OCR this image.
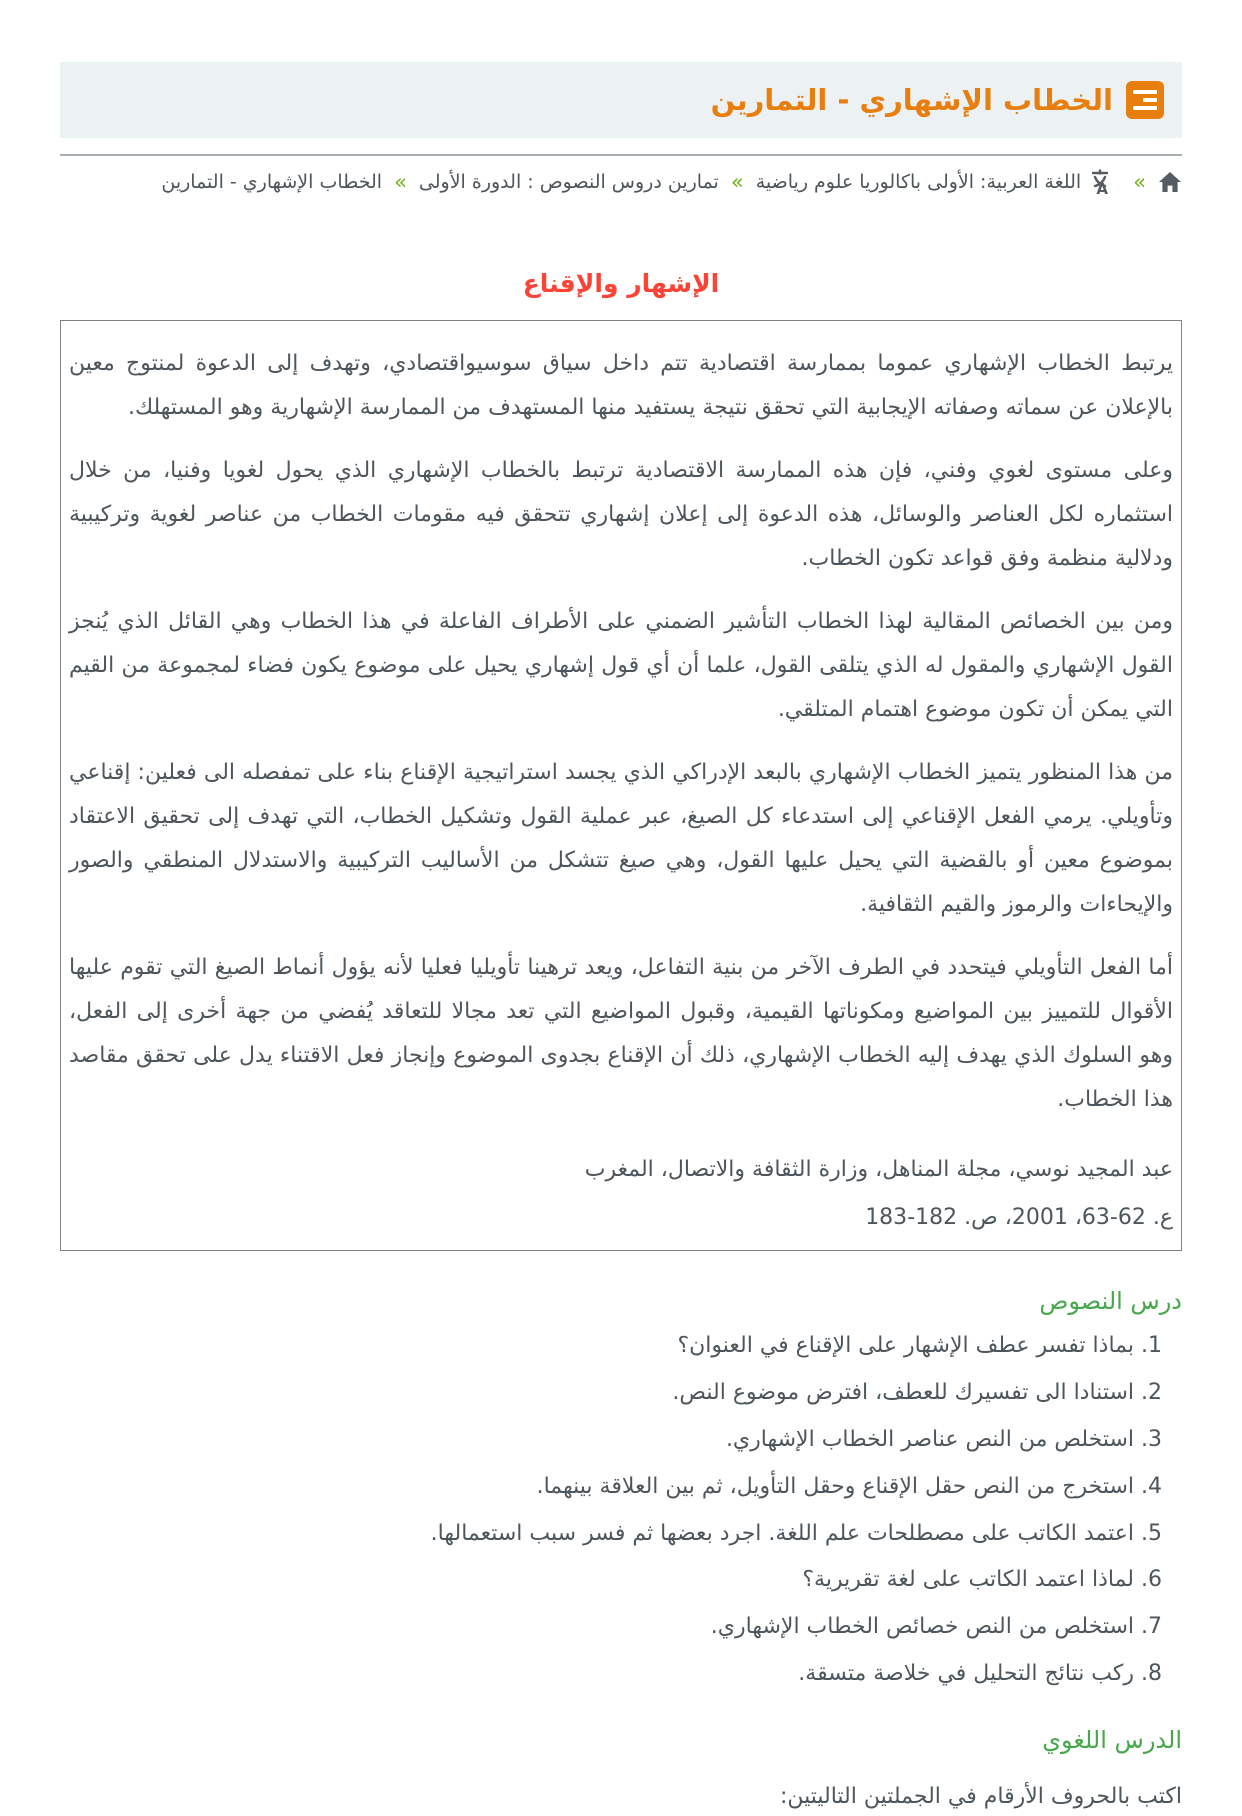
الخطاب الإشهاري - التمارين
»
A
اللغة العربية: الأولى باكالوريا علوم رياضية
»
تمارين دروس النصوص : الدورة الأولى
»
الخطاب الإشهاري - التمارين
الإشهار والإقناع

يرتبط الخطاب الإشهاري عموما بممارسة اقتصادية تتم داخل سياق سوسيواقتصادي، وتهدف إلى الدعوة لمنتوج معين بالإعلان عن سماته وصفاته الإيجابية التي تحقق نتيجة يستفيد منها المستهدف من الممارسة الإشهارية وهو المستهلك.

وعلى مستوى لغوي وفني، فإن هذه الممارسة الاقتصادية ترتبط بالخطاب الإشهاري الذي يحول لغويا وفنيا، من خلال استثماره لكل العناصر والوسائل، هذه الدعوة إلى إعلان إشهاري تتحقق فيه مقومات الخطاب من عناصر لغوية وتركيبية ودلالية منظمة وفق قواعد تكون الخطاب.

ومن بين الخصائص المقالية لهذا الخطاب التأشير الضمني على الأطراف الفاعلة في هذا الخطاب وهي القائل الذي يُنجز القول الإشهاري والمقول له الذي يتلقى القول، علما أن أي قول إشهاري يحيل على موضوع يكون فضاء لمجموعة من القيم التي يمكن أن تكون موضوع اهتمام المتلقي.

من هذا المنظور يتميز الخطاب الإشهاري بالبعد الإدراكي الذي يجسد استراتيجية الإقناع بناء على تمفصله الى فعلين: إقناعي وتأويلي. يرمي الفعل الإقناعي إلى استدعاء كل الصيغ، عبر عملية القول وتشكيل الخطاب، التي تهدف إلى تحقيق الاعتقاد بموضوع معين أو بالقضية التي يحيل عليها القول، وهي صيغ تتشكل من الأساليب التركيبية والاستدلال المنطقي والصور والإيحاءات والرموز والقيم الثقافية.

أما الفعل التأويلي فيتحدد في الطرف الآخر من بنية التفاعل، ويعد ترهينا تأويليا فعليا لأنه يؤول أنماط الصيغ التي تقوم عليها الأقوال للتمييز بين المواضيع ومكوناتها القيمية، وقبول المواضيع التي تعد مجالا للتعاقد يُفضي من جهة أخرى إلى الفعل، وهو السلوك الذي يهدف إليه الخطاب الإشهاري، ذلك أن الإقناع بجدوى الموضوع وإنجاز فعل الاقتناء يدل على تحقق مقاصد هذا الخطاب.

عبد المجيد نوسي، مجلة المناهل، وزارة الثقافة والاتصال، المغرب

ع. 62-63، 2001، ص. 182-183

درس النصوص
1. بماذا تفسر عطف الإشهار على الإقناع في العنوان؟
2. استنادا الى تفسيرك للعطف، افترض موضوع النص.
3. استخلص من النص عناصر الخطاب الإشهاري.
4. استخرج من النص حقل الإقناع وحقل التأويل، ثم بين العلاقة بينهما.
5. اعتمد الكاتب على مصطلحات علم اللغة. اجرد بعضها ثم فسر سبب استعمالها.
6. لماذا اعتمد الكاتب على لغة تقريرية؟
7. استخلص من النص خصائص الخطاب الإشهاري.
8. ركب نتائج التحليل في خلاصة متسقة.
الدرس اللغوي
اكتب بالحروف الأرقام في الجملتين التاليتين:
